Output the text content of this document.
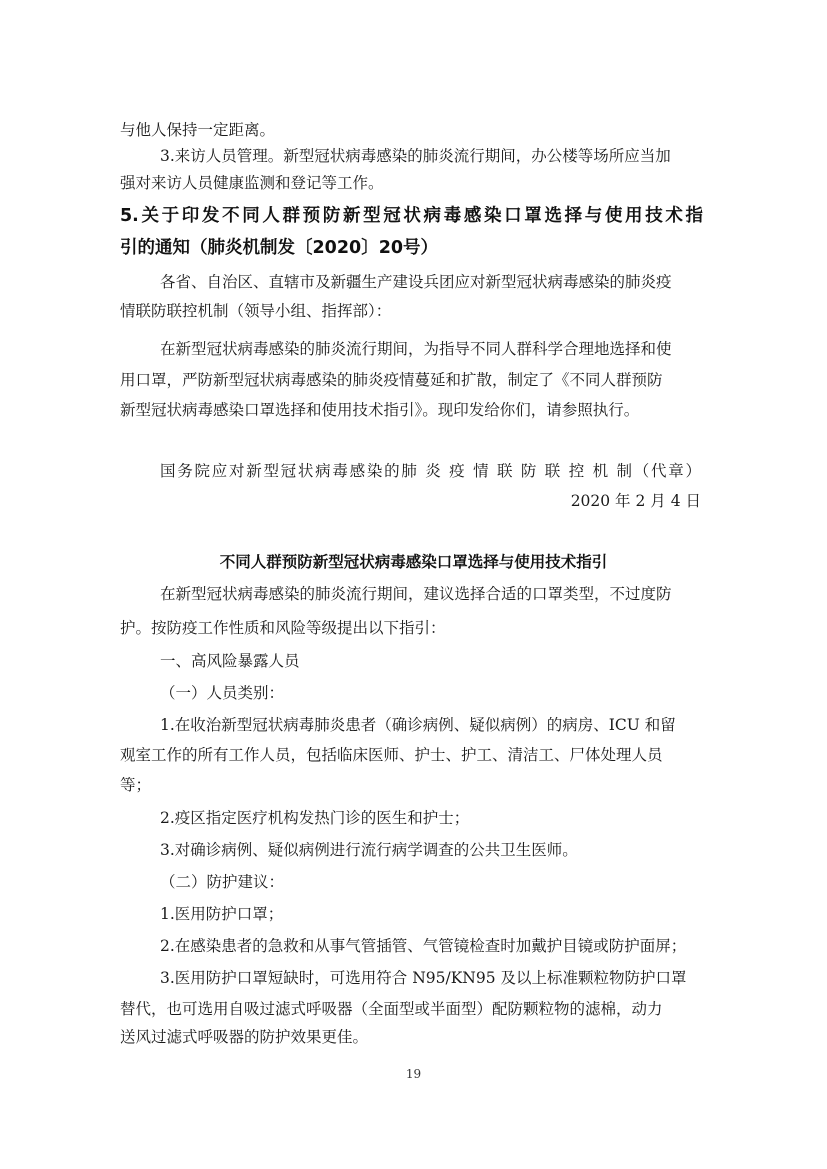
与他人保持一定距离。
3.来访人员管理。新型冠状病毒感染的肺炎流行期间，办公楼等场所应当加
强对来访人员健康监测和登记等工作。
5.关于印发不同人群预防新型冠状病毒感染口罩选择与使用技术指
引的通知（肺炎机制发〔2020〕20号）
各省、自治区、直辖市及新疆生产建设兵团应对新型冠状病毒感染的肺炎疫
情联防联控机制（领导小组、指挥部）：
在新型冠状病毒感染的肺炎流行期间，为指导不同人群科学合理地选择和使
用口罩，严防新型冠状病毒感染的肺炎疫情蔓延和扩散，制定了《不同人群预防
新型冠状病毒感染口罩选择和使用技术指引》。现印发给你们，请参照执行。
国务院应对新型冠状病毒感染的肺 炎 疫 情 联 防 联 控 机 制（代章）
2020 年 2 月 4 日
不同人群预防新型冠状病毒感染口罩选择与使用技术指引
在新型冠状病毒感染的肺炎流行期间，建议选择合适的口罩类型，不过度防
护。按防疫工作性质和风险等级提出以下指引：
一、高风险暴露人员
（一）人员类别：
1.在收治新型冠状病毒肺炎患者（确诊病例、疑似病例）的病房、ICU 和留
观室工作的所有工作人员，包括临床医师、护士、护工、清洁工、尸体处理人员
等；
2.疫区指定医疗机构发热门诊的医生和护士；
3.对确诊病例、疑似病例进行流行病学调查的公共卫生医师。
（二）防护建议：
1.医用防护口罩；
2.在感染患者的急救和从事气管插管、气管镜检查时加戴护目镜或防护面屏；
3.医用防护口罩短缺时，可选用符合 N95/KN95 及以上标准颗粒物防护口罩
替代，也可选用自吸过滤式呼吸器（全面型或半面型）配防颗粒物的滤棉，动力
送风过滤式呼吸器的防护效果更佳。
19
